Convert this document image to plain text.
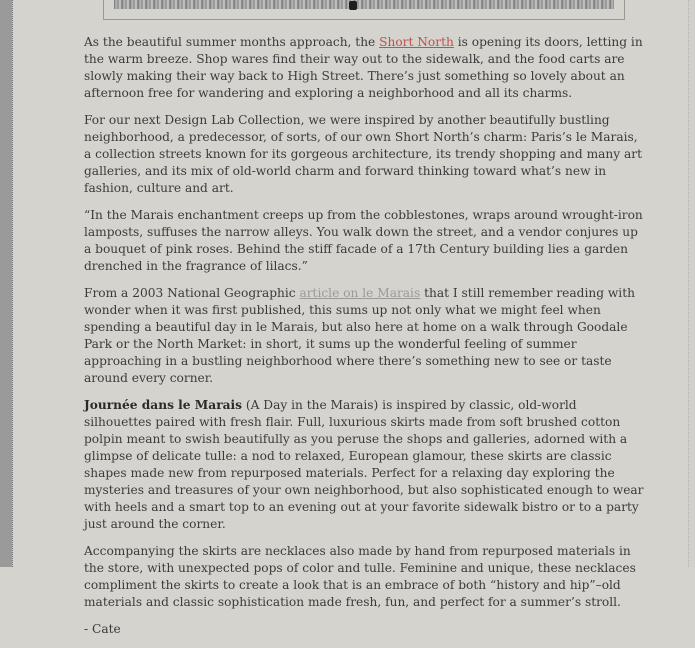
As the beautiful summer months approach, the Short North is opening its doors, letting in the warm breeze. Shop wares find their way out to the sidewalk, and the food carts are slowly making their way back to High Street. There’s just something so lovely about an afternoon free for wandering and exploring a neighborhood and all its charms.

For our next Design Lab Collection, we were inspired by another beautifully bustling neighborhood, a predecessor, of sorts, of our own Short North’s charm: Paris’s le Marais, a collection streets known for its gorgeous architecture, its trendy shopping and many art galleries, and its mix of old-world charm and forward thinking toward what’s new in fashion, culture and art.

“In the Marais enchantment creeps up from the cobblestones, wraps around wrought-iron lamposts, suffuses the narrow alleys. You walk down the street, and a vendor conjures up a bouquet of pink roses. Behind the stiff facade of a 17th Century building lies a garden drenched in the fragrance of lilacs.”

From a 2003 National Geographic article on le Marais that I still remember reading with wonder when it was first published, this sums up not only what we might feel when spending a beautiful day in le Marais, but also here at home on a walk through Goodale Park or the North Market: in short, it sums up the wonderful feeling of summer approaching in a bustling neighborhood where there’s something new to see or taste around every corner.

Journée dans le Marais (A Day in the Marais) is inspired by classic, old-world silhouettes paired with fresh flair. Full, luxurious skirts made from soft brushed cotton polpin meant to swish beautifully as you peruse the shops and galleries, adorned with a glimpse of delicate tulle: a nod to relaxed, European glamour, these skirts are classic shapes made new from repurposed materials. Perfect for a relaxing day exploring the mysteries and treasures of your own neighborhood, but also sophisticated enough to wear with heels and a smart top to an evening out at your favorite sidewalk bistro or to a party just around the corner.

Accompanying the skirts are necklaces also made by hand from repurposed materials in the store, with unexpected pops of color and tulle. Feminine and unique, these necklaces compliment the skirts to create a look that is an embrace of both “history and hip”–old materials and classic sophistication made fresh, fun, and perfect for a summer’s stroll.

- Cate
